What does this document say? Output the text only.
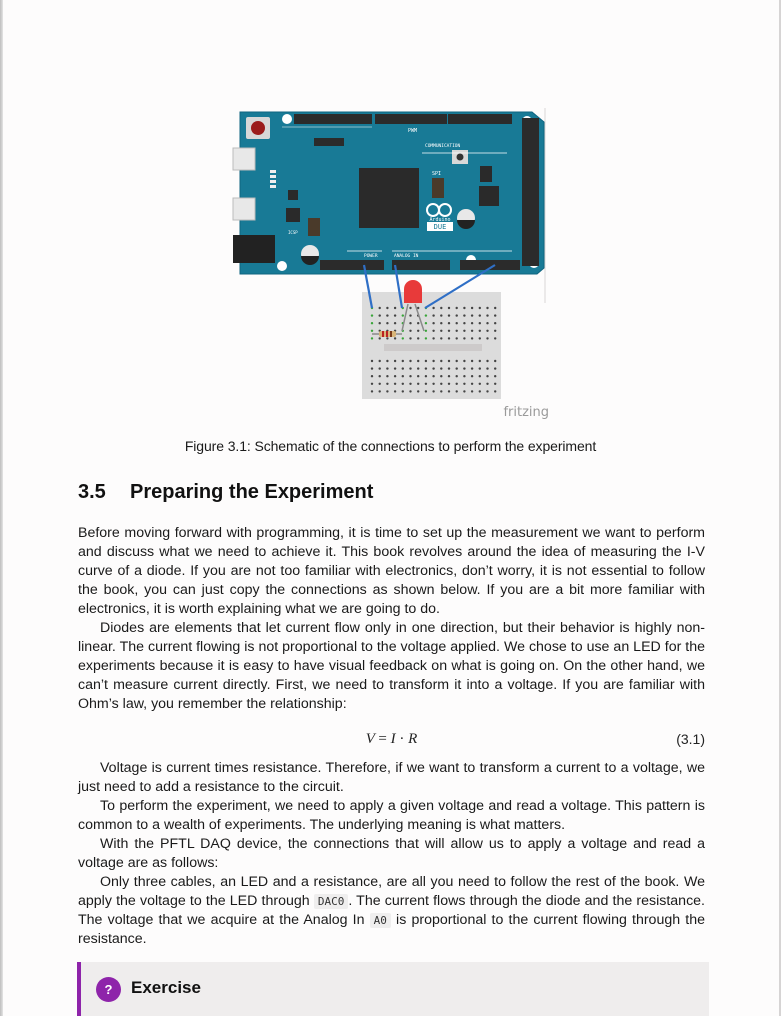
DUE
Arduino
PWM
COMMUNICATION
SPI
POWER	ANALOG IN
ICSP
fritzing
Figure 3.1: Schematic of the connections to perform the experiment
3.5 Preparing the Experiment

Before moving forward with programming, it is time to set up the measurement we want to perform and discuss what we need to achieve it. This book revolves around the idea of measuring the I-V curve of a diode. If you are not too familiar with electronics, don’t worry, it is not essential to follow the book, you can just copy the connections as shown below. If you are a bit more familiar with electronics, it is worth explaining what we are going to do.

Diodes are elements that let current flow only in one direction, but their behavior is highly non-linear. The current flowing is not proportional to the voltage applied. We chose to use an LED for the experiments because it is easy to have visual feedback on what is going on. On the other hand, we can’t measure current directly. First, we need to transform it into a voltage. If you are familiar with Ohm’s law, you remember the relationship:

V = I · R	(3.1)

Voltage is current times resistance. Therefore, if we want to transform a current to a voltage, we just need to add a resistance to the circuit.

To perform the experiment, we need to apply a given voltage and read a voltage. This pattern is common to a wealth of experiments. The underlying meaning is what matters.

With the PFTL DAQ device, the connections that will allow us to apply a voltage and read a voltage are as follows:

Only three cables, an LED and a resistance, are all you need to follow the rest of the book. We apply the voltage to the LED through DAC0 . The current flows through the diode and the resistance. The voltage that we acquire at the Analog In A0 is proportional to the current flowing through the resistance.

?	Exercise
